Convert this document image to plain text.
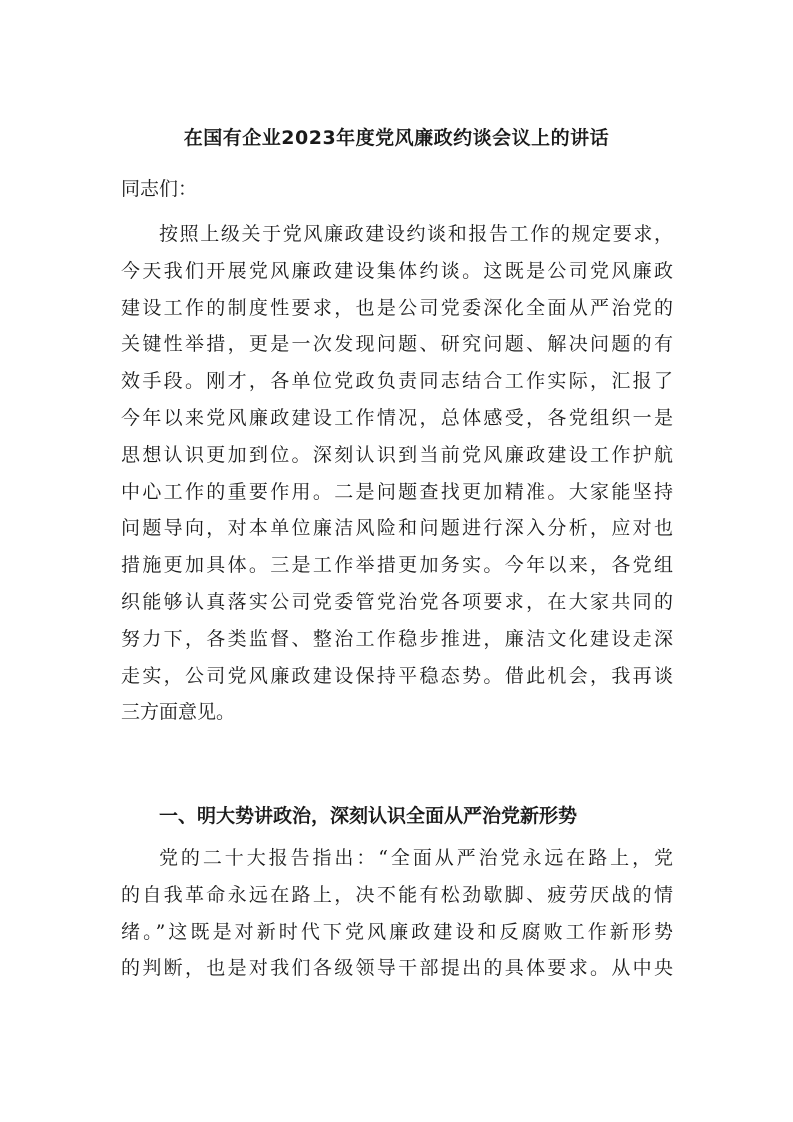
在国有企业2023年度党风廉政约谈会议上的讲话

同志们：

按照上级关于党风廉政建设约谈和报告工作的规定要求，
今天我们开展党风廉政建设集体约谈。这既是公司党风廉政
建设工作的制度性要求，也是公司党委深化全面从严治党的
关键性举措，更是一次发现问题、研究问题、解决问题的有
效手段。刚才，各单位党政负责同志结合工作实际，汇报了
今年以来党风廉政建设工作情况，总体感受，各党组织一是
思想认识更加到位。深刻认识到当前党风廉政建设工作护航
中心工作的重要作用。二是问题查找更加精准。大家能坚持
问题导向，对本单位廉洁风险和问题进行深入分析，应对也
措施更加具体。三是工作举措更加务实。今年以来，各党组
织能够认真落实公司党委管党治党各项要求，在大家共同的
努力下，各类监督、整治工作稳步推进，廉洁文化建设走深
走实，公司党风廉政建设保持平稳态势。借此机会，我再谈
三方面意见。
一、明大势讲政治，深刻认识全面从严治党新形势
党的二十大报告指出：“全面从严治党永远在路上，党
的自我革命永远在路上，决不能有松劲歇脚、疲劳厌战的情
绪。”这既是对新时代下党风廉政建设和反腐败工作新形势
的判断，也是对我们各级领导干部提出的具体要求。从中央
